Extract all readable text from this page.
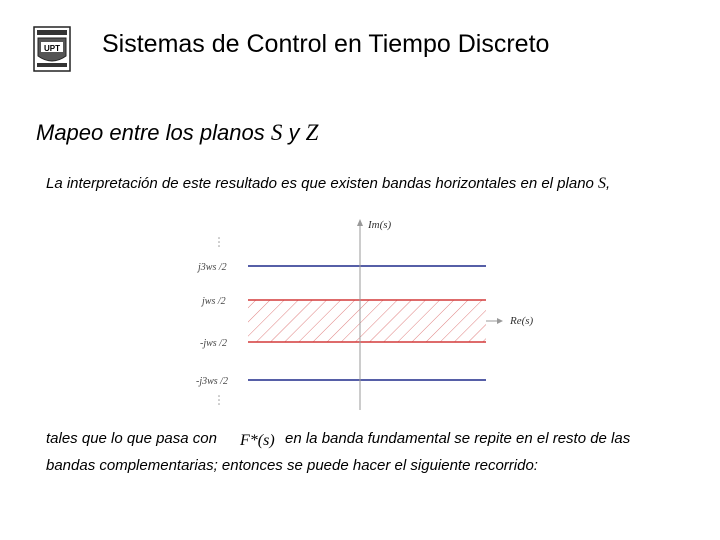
UPT Sistemas de Control en Tiempo Discreto
Mapeo entre los planos S y Z
La interpretación de este resultado es que existen bandas horizontales en el plano S,
Im(s)
Re(s)
j3ws /2
jws /2
-jws /2
-j3ws /2
tales que lo que pasa con F*(s) en la banda fundamental se repite en el resto de las
bandas complementarias; entonces se puede hacer el siguiente recorrido:
